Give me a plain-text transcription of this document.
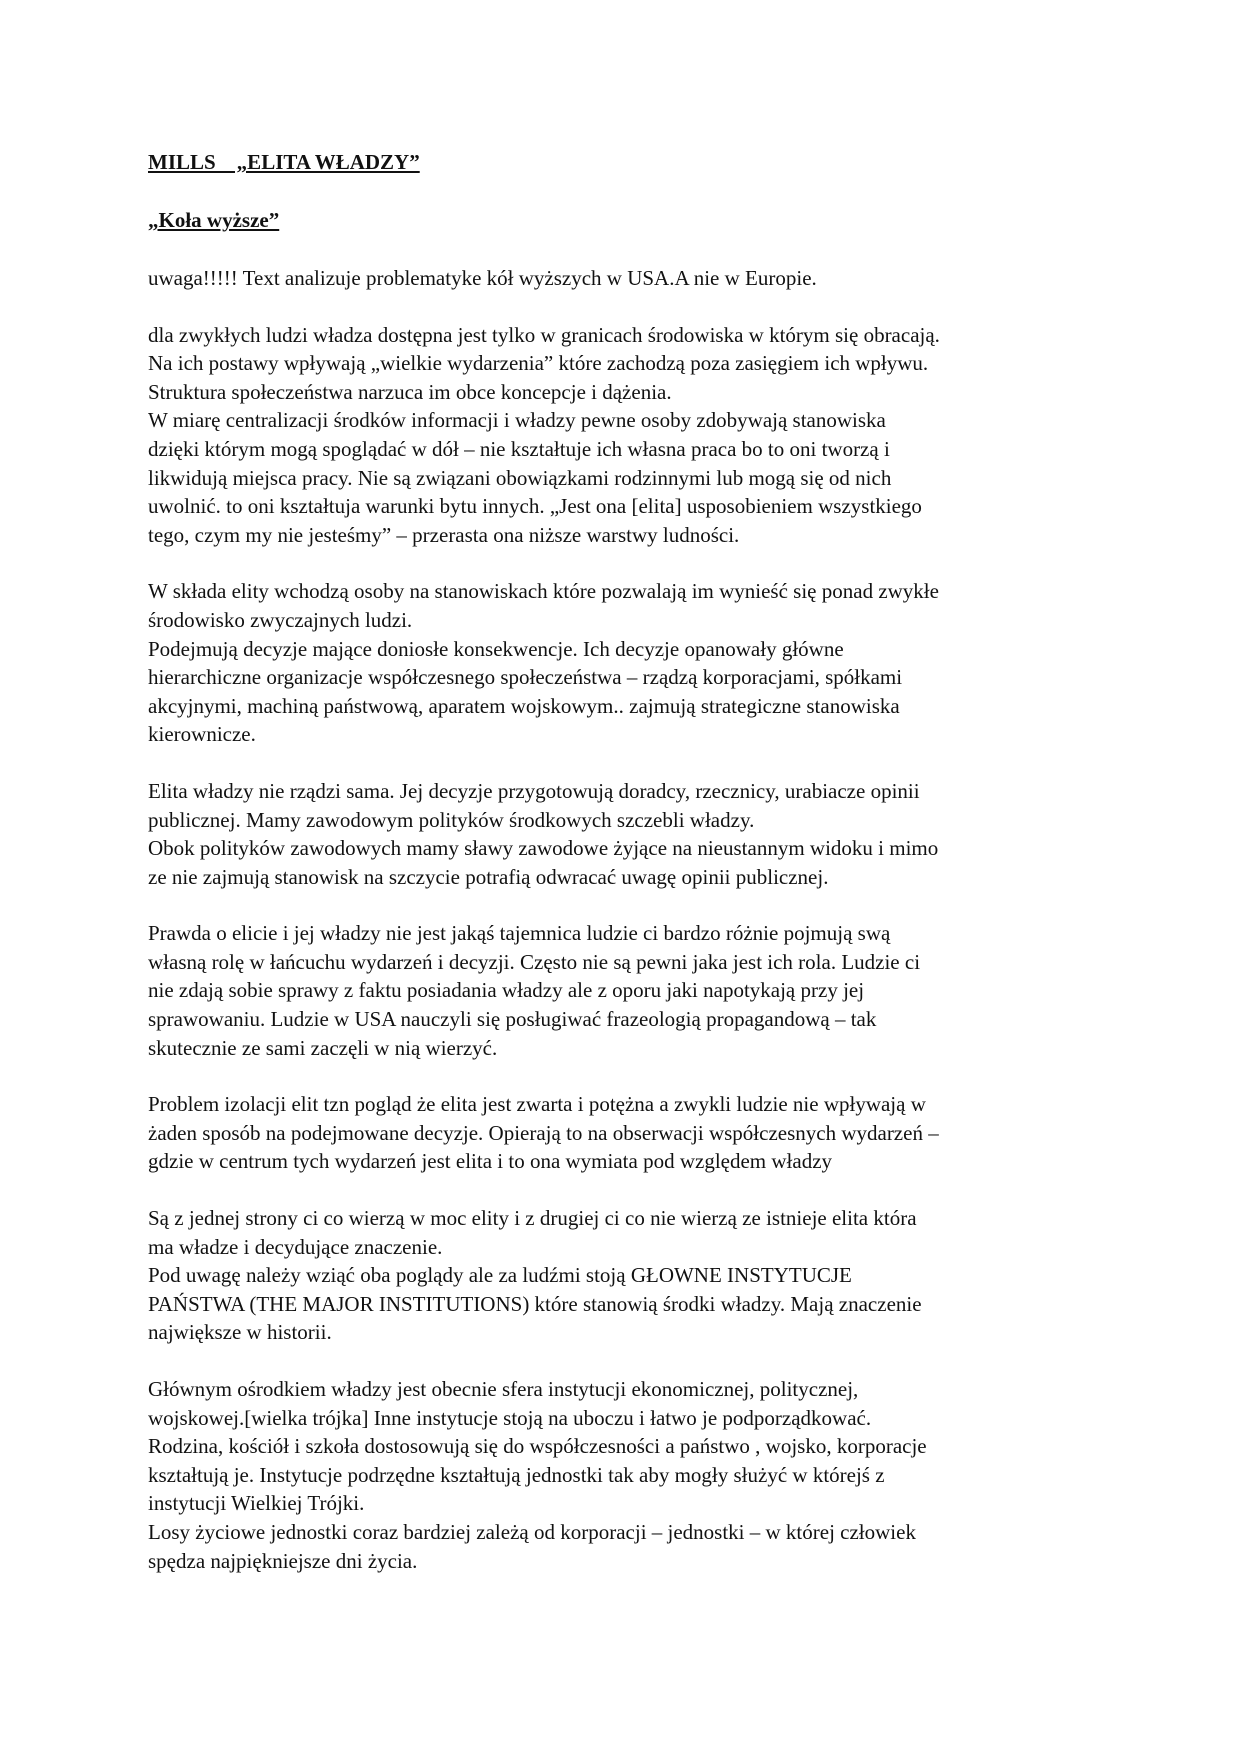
MILLS    „ELITA WŁADZY”

„Koła wyższe”

uwaga!!!!! Text analizuje problematyke kół wyższych w USA.A nie w Europie.
dla zwykłych ludzi władza dostępna jest tylko w granicach środowiska w którym się obracają.
Na ich postawy wpływają „wielkie wydarzenia” które zachodzą poza zasięgiem ich wpływu.
Struktura społeczeństwa narzuca im obce koncepcje i dążenia.
W miarę centralizacji środków informacji i władzy pewne osoby zdobywają stanowiska
dzięki którym mogą spoglądać w dół – nie kształtuje ich własna praca bo to oni tworzą i
likwidują miejsca pracy. Nie są związani obowiązkami rodzinnymi lub mogą się od nich
uwolnić. to oni kształtuja warunki bytu innych. „Jest ona [elita] usposobieniem wszystkiego
tego, czym my nie jesteśmy” – przerasta ona niższe warstwy ludności.
W składa elity wchodzą osoby na stanowiskach które pozwalają im wynieść się ponad zwykłe
środowisko zwyczajnych ludzi.
Podejmują decyzje mające doniosłe konsekwencje. Ich decyzje opanowały główne
hierarchiczne organizacje współczesnego społeczeństwa – rządzą korporacjami, spółkami
akcyjnymi, machiną państwową, aparatem wojskowym.. zajmują strategiczne stanowiska
kierownicze.
Elita władzy nie rządzi sama. Jej decyzje przygotowują doradcy, rzecznicy, urabiacze opinii
publicznej. Mamy zawodowym polityków środkowych szczebli władzy.
Obok polityków zawodowych mamy sławy zawodowe żyjące na nieustannym widoku i mimo
ze nie zajmują stanowisk na szczycie potrafią odwracać uwagę opinii publicznej.
Prawda o elicie i jej władzy nie jest jakąś tajemnica ludzie ci bardzo różnie pojmują swą
własną rolę w łańcuchu wydarzeń i decyzji. Często nie są pewni jaka jest ich rola. Ludzie ci
nie zdają sobie sprawy z faktu posiadania władzy ale z oporu jaki napotykają przy jej
sprawowaniu. Ludzie w USA nauczyli się posługiwać frazeologią propagandową – tak
skutecznie ze sami zaczęli w nią wierzyć.
Problem izolacji elit tzn pogląd że elita jest zwarta i potężna a zwykli ludzie nie wpływają w
żaden sposób na podejmowane decyzje. Opierają to na obserwacji współczesnych wydarzeń –
gdzie w centrum tych wydarzeń jest elita i to ona wymiata pod względem władzy
Są z jednej strony ci co wierzą w moc elity i z drugiej ci co nie wierzą ze istnieje elita która
ma władze i decydujące znaczenie.
Pod uwagę należy wziąć oba poglądy ale za ludźmi stoją GŁOWNE INSTYTUCJE
PAŃSTWA (THE MAJOR INSTITUTIONS) które stanowią środki władzy. Mają znaczenie
największe w historii.
Głównym ośrodkiem władzy jest obecnie sfera instytucji ekonomicznej, politycznej,
wojskowej.[wielka trójka] Inne instytucje stoją na uboczu i łatwo je podporządkować.
Rodzina, kościół i szkoła dostosowują się do współczesności a państwo , wojsko, korporacje
kształtują je. Instytucje podrzędne kształtują jednostki tak aby mogły służyć w którejś z
instytucji Wielkiej Trójki.
Losy życiowe jednostki coraz bardziej zależą od korporacji – jednostki – w której człowiek
spędza najpiękniejsze dni życia.
